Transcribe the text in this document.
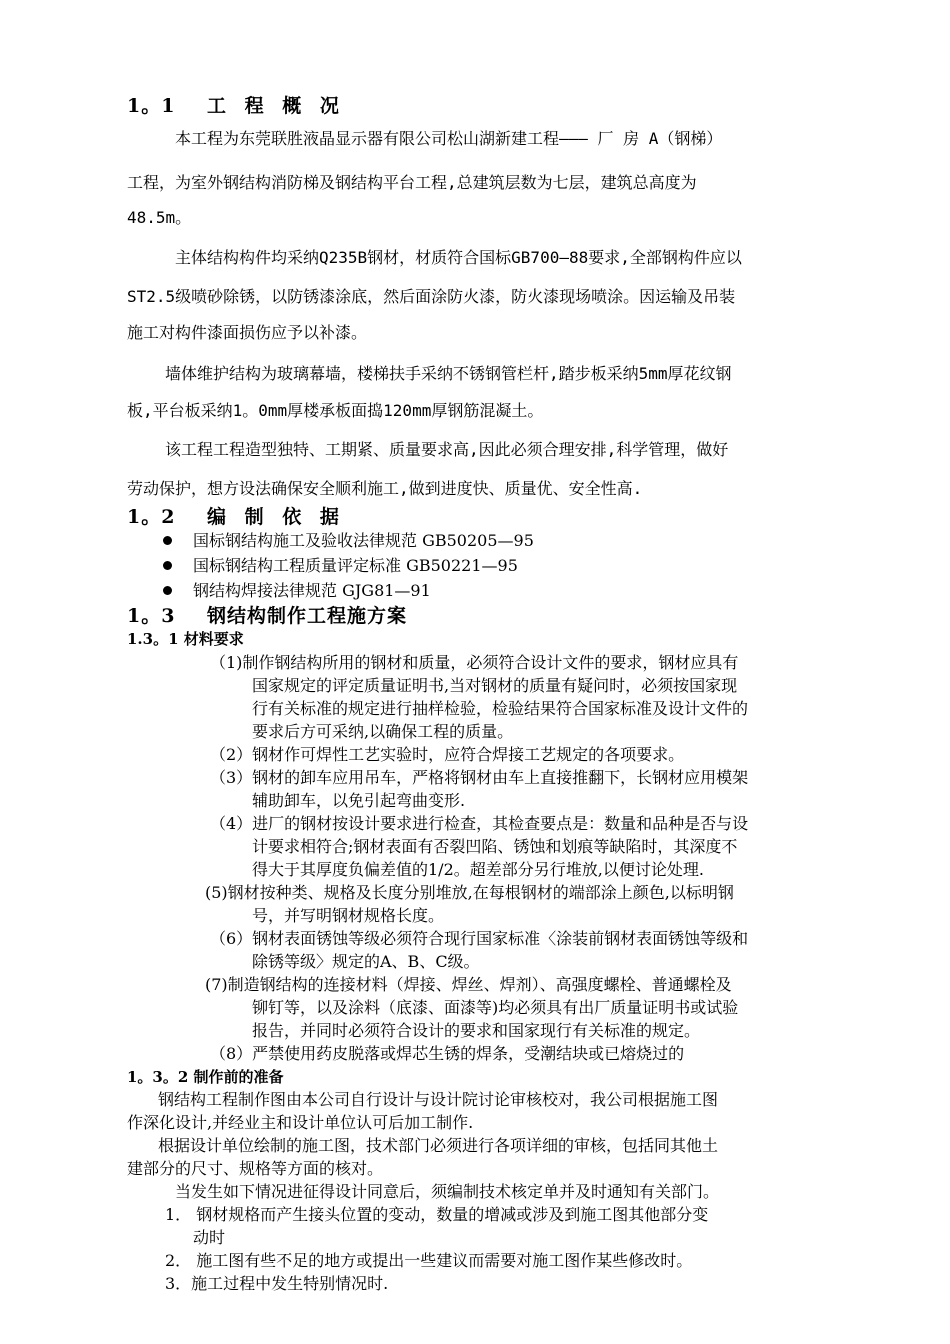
1。1 工 程 概 况
本工程为东莞联胜液晶显示器有限公司松山湖新建工程——— 厂 房 A（钢梯）
工程，为室外钢结构消防梯及钢结构平台工程,总建筑层数为七层，建筑总高度为
48.5m。
主体结构构件均采纳Q235B钢材，材质符合国标GB700—88要求,全部钢构件应以
ST2.5级喷砂除锈，以防锈漆涂底，然后面涂防火漆，防火漆现场喷涂。因运输及吊装
施工对构件漆面损伤应予以补漆。
墙体维护结构为玻璃幕墙，楼梯扶手采纳不锈钢管栏杆,踏步板采纳5mm厚花纹钢
板,平台板采纳1。0mm厚楼承板面捣120mm厚钢筋混凝土。
该工程工程造型独特、工期紧、质量要求高,因此必须合理安排,科学管理，做好
劳动保护，想方设法确保安全顺利施工,做到进度快、质量优、安全性高.
1。2 编 制 依 据
国标钢结构施工及验收法律规范 GB50205—95
国标钢结构工程质量评定标准 GB50221—95
钢结构焊接法律规范 GJG81—91
1。3 钢结构制作工程施方案
1.3。1 材料要求
（1)制作钢结构所用的钢材和质量，必须符合设计文件的要求，钢材应具有
国家规定的评定质量证明书,当对钢材的质量有疑问时，必须按国家现
行有关标准的规定进行抽样检验，检验结果符合国家标准及设计文件的
要求后方可采纳,以确保工程的质量。
（2）钢材作可焊性工艺实验时，应符合焊接工艺规定的各项要求。
（3）钢材的卸车应用吊车，严格将钢材由车上直接推翻下，长钢材应用模架
辅助卸车，以免引起弯曲变形.
（4）进厂的钢材按设计要求进行检查，其检查要点是：数量和品种是否与设
计要求相符合;钢材表面有否裂凹陷、锈蚀和划痕等缺陷时，其深度不
得大于其厚度负偏差值的1/2。超差部分另行堆放,以便讨论处理.
(5)钢材按种类、规格及长度分别堆放,在每根钢材的端部涂上颜色,以标明钢
号，并写明钢材规格长度。
（6）钢材表面锈蚀等级必须符合现行国家标准〈涂装前钢材表面锈蚀等级和
除锈等级〉规定的A、B、C级。
(7)制造钢结构的连接材料（焊接、焊丝、焊剂）、高强度螺栓、普通螺栓及
铆钉等，以及涂料（底漆、面漆等)均必须具有出厂质量证明书或试验
报告，并同时必须符合设计的要求和国家现行有关标准的规定。
（8）严禁使用药皮脱落或焊芯生锈的焊条，受潮结块或已熔烧过的
1。3。2 制作前的准备
钢结构工程制作图由本公司自行设计与设计院讨论审核校对，我公司根据施工图
作深化设计,并经业主和设计单位认可后加工制作.
根据设计单位绘制的施工图，技术部门必须进行各项详细的审核，包括同其他土
建部分的尺寸、规格等方面的核对。
当发生如下情况进征得设计同意后，须编制技术核定单并及时通知有关部门。
1． 钢材规格而产生接头位置的变动，数量的增减或涉及到施工图其他部分变
动时
2． 施工图有些不足的地方或提出一些建议而需要对施工图作某些修改时。
3．施工过程中发生特别情况时.
